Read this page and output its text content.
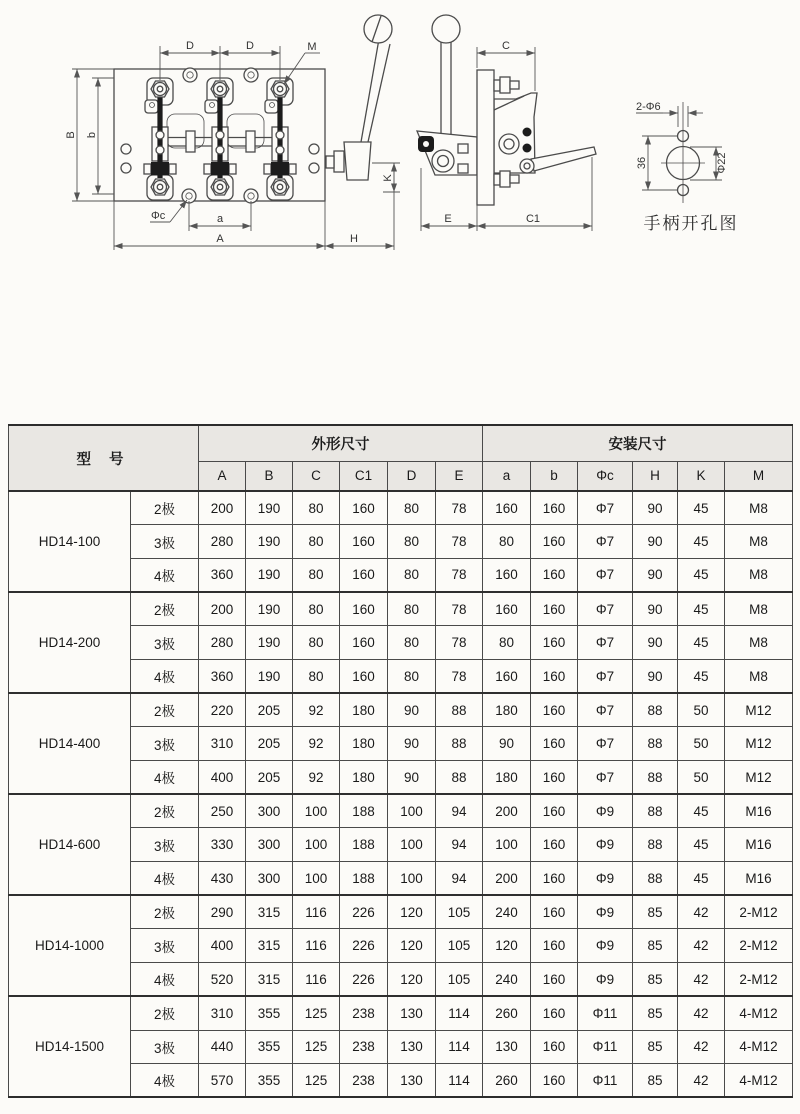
D	D	M
B b
Φc	a
A	H
K
C
E	C1
2-Φ6
36	Φ22
手柄开孔图
型 号		外形尺寸						安装尺寸					
		A	B	C	C1	D	E	a	b	Φc	H	K	M
HD14-100	2极	200	190	80	160	80	78	160	160	Φ7	90	45	M8
	3极	280	190	80	160	80	78	80	160	Φ7	90	45	M8
	4极	360	190	80	160	80	78	160	160	Φ7	90	45	M8
HD14-200	2极	200	190	80	160	80	78	160	160	Φ7	90	45	M8
	3极	280	190	80	160	80	78	80	160	Φ7	90	45	M8
	4极	360	190	80	160	80	78	160	160	Φ7	90	45	M8
HD14-400	2极	220	205	92	180	90	88	180	160	Φ7	88	50	M12
	3极	310	205	92	180	90	88	90	160	Φ7	88	50	M12
	4极	400	205	92	180	90	88	180	160	Φ7	88	50	M12
HD14-600	2极	250	300	100	188	100	94	200	160	Φ9	88	45	M16
	3极	330	300	100	188	100	94	100	160	Φ9	88	45	M16
	4极	430	300	100	188	100	94	200	160	Φ9	88	45	M16
HD14-1000	2极	290	315	116	226	120	105	240	160	Φ9	85	42	2-M12
	3极	400	315	116	226	120	105	120	160	Φ9	85	42	2-M12
	4极	520	315	116	226	120	105	240	160	Φ9	85	42	2-M12
HD14-1500	2极	310	355	125	238	130	114	260	160	Φ11	85	42	4-M12
	3极	440	355	125	238	130	114	130	160	Φ11	85	42	4-M12
	4极	570	355	125	238	130	114	260	160	Φ11	85	42	4-M12
